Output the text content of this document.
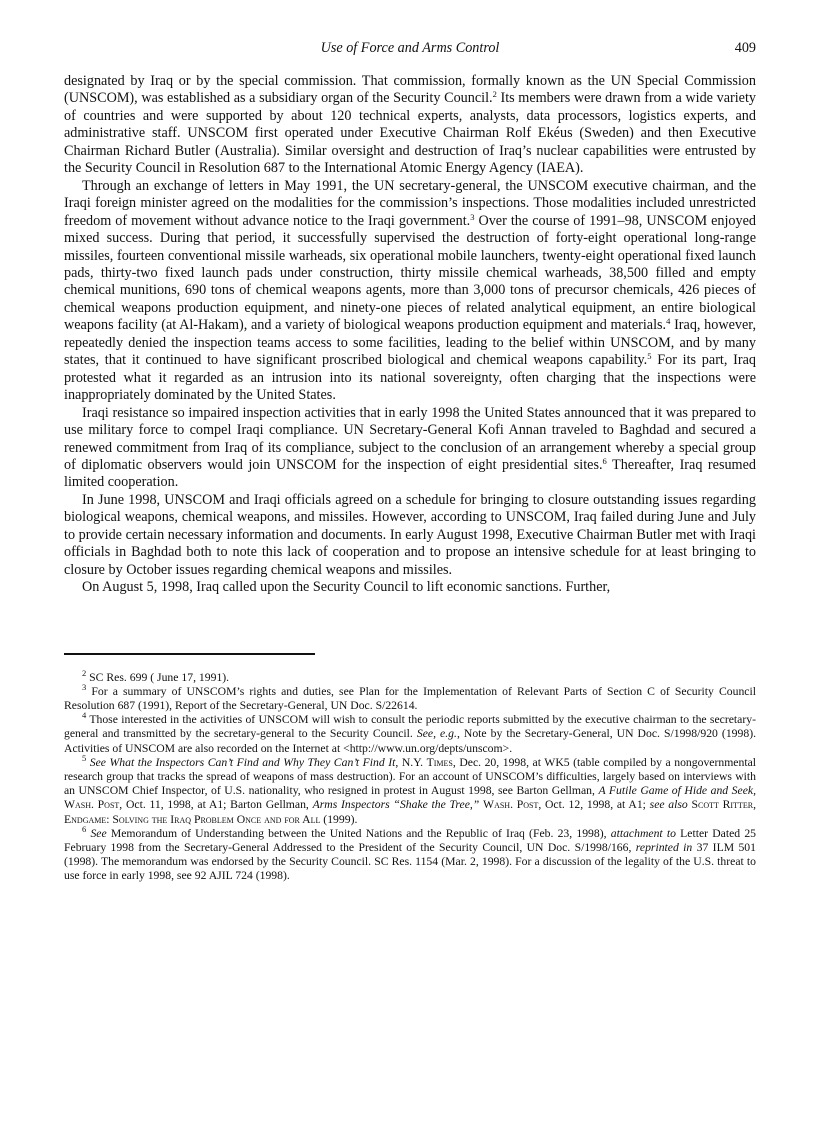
Use of Force and Arms Control	409

designated by Iraq or by the special commission. That commission, formally known as the UN Special Commission (UNSCOM), was established as a subsidiary organ of the Security Council.$^2$ Its members were drawn from a wide variety of countries and were supported by about 120 technical experts, analysts, data processors, logistics experts, and administrative staff. UNSCOM first operated under Executive Chairman Rolf Ekéus (Sweden) and then Executive Chairman Richard Butler (Australia). Similar oversight and destruction of Iraq’s nuclear capabilities were entrusted by the Security Council in Resolution 687 to the International Atomic Energy Agency (IAEA).

Through an exchange of letters in May 1991, the UN secretary-general, the UNSCOM executive chairman, and the Iraqi foreign minister agreed on the modalities for the commission’s inspections. Those modalities included unrestricted freedom of movement without advance notice to the Iraqi government.$^3$ Over the course of 1991–98, UNSCOM enjoyed mixed success. During that period, it successfully supervised the destruction of forty-eight operational long-range missiles, fourteen conventional missile warheads, six operational mobile launchers, twenty-eight operational fixed launch pads, thirty-two fixed launch pads under construction, thirty missile chemical warheads, 38,500 filled and empty chemical munitions, 690 tons of chemical weapons agents, more than 3,000 tons of precursor chemicals, 426 pieces of chemical weapons production equipment, and ninety-one pieces of related analytical equipment, an entire biological weapons facility (at Al-Hakam), and a variety of biological weapons production equipment and materials.$^4$ Iraq, however, repeatedly denied the inspection teams access to some facilities, leading to the belief within UNSCOM, and by many states, that it continued to have significant proscribed biological and chemical weapons capability.$^5$ For its part, Iraq protested what it regarded as an intrusion into its national sovereignty, often charging that the inspections were inappropriately dominated by the United States.

Iraqi resistance so impaired inspection activities that in early 1998 the United States announced that it was prepared to use military force to compel Iraqi compliance. UN Secretary-General Kofi Annan traveled to Baghdad and secured a renewed commitment from Iraq of its compliance, subject to the conclusion of an arrangement whereby a special group of diplomatic observers would join UNSCOM for the inspection of eight presidential sites.$^6$ Thereafter, Iraq resumed limited cooperation.

In June 1998, UNSCOM and Iraqi officials agreed on a schedule for bringing to closure outstanding issues regarding biological weapons, chemical weapons, and missiles. However, according to UNSCOM, Iraq failed during June and July to provide certain necessary information and documents. In early August 1998, Executive Chairman Butler met with Iraqi officials in Baghdad both to note this lack of cooperation and to propose an intensive schedule for at least bringing to closure by October issues regarding chemical weapons and missiles.

On August 5, 1998, Iraq called upon the Security Council to lift economic sanctions. Further,

$^2$ SC Res. 699 ( June 17, 1991).

$^3$ For a summary of UNSCOM’s rights and duties, see Plan for the Implementation of Relevant Parts of Section C of Security Council Resolution 687 (1991), Report of the Secretary-General, UN Doc. S/22614.

$^4$ Those interested in the activities of UNSCOM will wish to consult the periodic reports submitted by the executive chairman to the secretary-general and transmitted by the secretary-general to the Security Council. See, e.g., Note by the Secretary-General, UN Doc. S/1998/920 (1998). Activities of UNSCOM are also recorded on the Internet at <http://www.un.org/depts/unscom>.

$^5$ See What the Inspectors Can’t Find and Why They Can’t Find It, N.Y. Times, Dec. 20, 1998, at WK5 (table compiled by a nongovernmental research group that tracks the spread of weapons of mass destruction). For an account of UNSCOM’s difficulties, largely based on interviews with an UNSCOM Chief Inspector, of U.S. nationality, who resigned in protest in August 1998, see Barton Gellman, A Futile Game of Hide and Seek, Wash. Post, Oct. 11, 1998, at A1; Barton Gellman, Arms Inspectors “Shake the Tree,” Wash. Post, Oct. 12, 1998, at A1; see also Scott Ritter, Endgame: Solving the Iraq Problem Once and for All (1999).

$^6$ See Memorandum of Understanding between the United Nations and the Republic of Iraq (Feb. 23, 1998), attachment to Letter Dated 25 February 1998 from the Secretary-General Addressed to the President of the Security Council, UN Doc. S/1998/166, reprinted in 37 ILM 501 (1998). The memorandum was endorsed by the Security Council. SC Res. 1154 (Mar. 2, 1998). For a discussion of the legality of the U.S. threat to use force in early 1998, see 92 AJIL 724 (1998).
